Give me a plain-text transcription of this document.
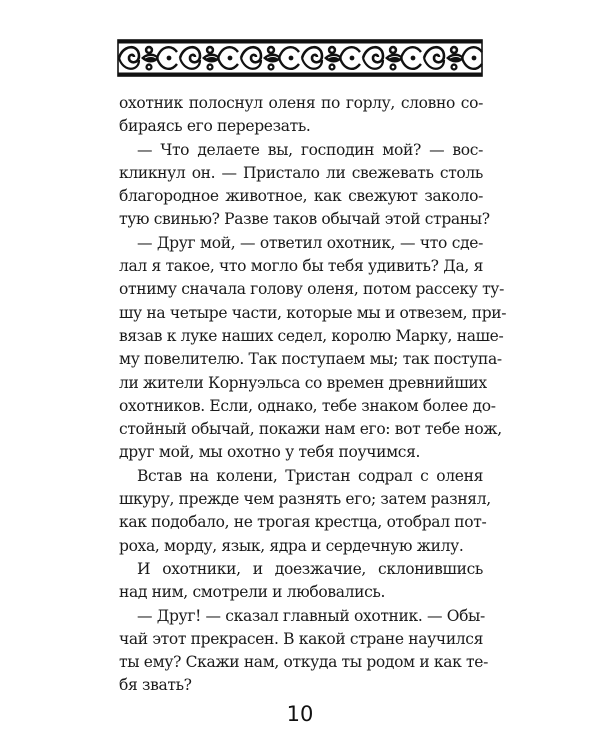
охотник полоснул оленя по горлу, словно со-
бираясь его перерезать.
— Что делаете вы, господин мой? — вос-
кликнул он. — Пристало ли свежевать столь
благородное животное, как свежуют заколо-
тую свинью? Разве таков обычай этой страны?
— Друг мой, — ответил охотник, — что сде-
лал я такое, что могло бы тебя удивить? Да, я
отниму сначала голову оленя, потом рассеку ту-
шу на четыре части, которые мы и отвезем, при-
вязав к луке наших седел, королю Марку, наше-
му повелителю. Так поступаем мы; так поступа-
ли жители Корнуэльса со времен древнийших
охотников. Если, однако, тебе знаком более до-
стойный обычай, покажи нам его: вот тебе нож,
друг мой, мы охотно у тебя поучимся.
Встав на колени, Тристан содрал с оленя
шкуру, прежде чем разнять его; затем разнял,
как подобало, не трогая крестца, отобрал пот-
роха, морду, язык, ядра и сердечную жилу.
И охотники, и доезжачие, склонившись
над ним, смотрели и любовались.
— Друг! — сказал главный охотник. — Обы-
чай этот прекрасен. В какой стране научился
ты ему? Скажи нам, откуда ты родом и как те-
бя звать?
10
